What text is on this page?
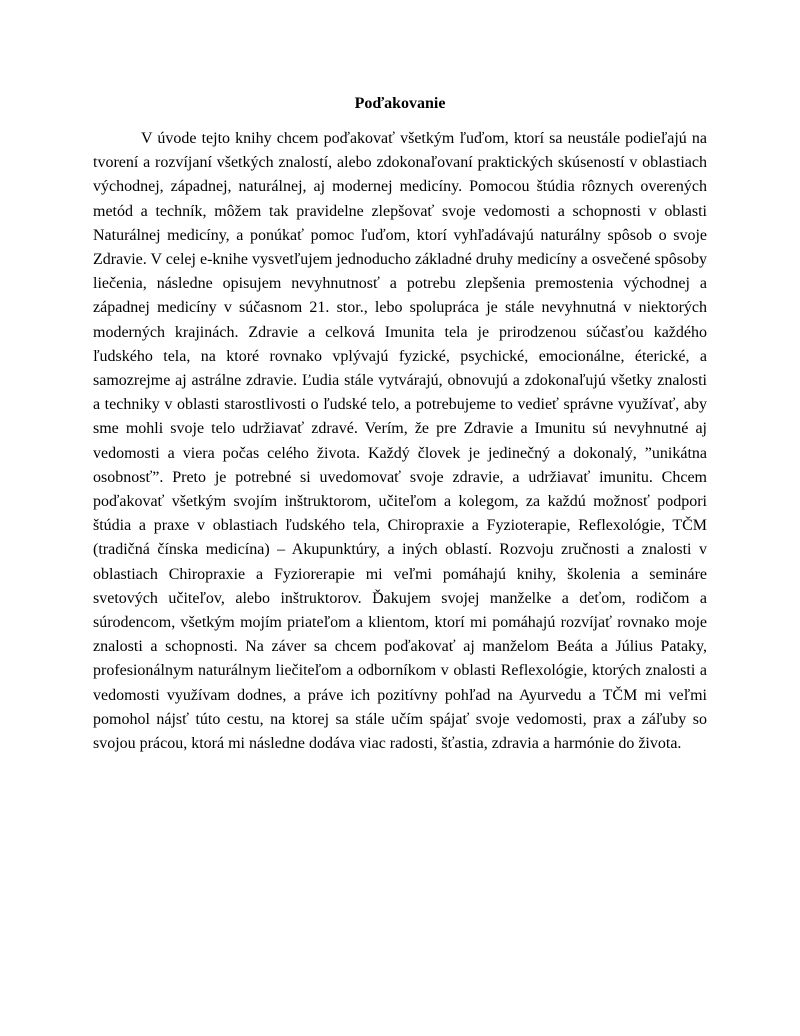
Poďakovanie

V úvode tejto knihy chcem poďakovať všetkým ľuďom, ktorí sa neustále podieľajú na tvorení a rozvíjaní všetkých znalostí, alebo zdokonaľovaní praktických skúseností v oblastiach východnej, západnej, naturálnej, aj modernej medicíny. Pomocou štúdia rôznych overených metód a techník, môžem tak pravidelne zlepšovať svoje vedomosti a schopnosti v oblasti Naturálnej medicíny, a ponúkať pomoc ľuďom, ktorí vyhľadávajú naturálny spôsob o svoje Zdravie. V celej e-knihe vysvetľujem jednoducho základné druhy medicíny a osvečené spôsoby liečenia, následne opisujem nevyhnutnosť a potrebu zlepšenia premostenia východnej a západnej medicíny v súčasnom 21. stor., lebo spolupráca je stále nevyhnutná v niektorých moderných krajinách. Zdravie a celková Imunita tela je prirodzenou súčasťou každého ľudského tela, na ktoré rovnako vplývajú fyzické, psychické, emocionálne, éterické, a samozrejme aj astrálne zdravie. Ľudia stále vytvárajú, obnovujú a zdokonaľujú všetky znalosti a techniky v oblasti starostlivosti o ľudské telo, a potrebujeme to vedieť správne využívať, aby sme mohli svoje telo udržiavať zdravé. Verím, že pre Zdravie a Imunitu sú nevyhnutné aj vedomosti a viera počas celého života. Každý človek je jedinečný a dokonalý, ”unikátna osobnosť”. Preto je potrebné si uvedomovať svoje zdravie, a udržiavať imunitu. Chcem poďakovať všetkým svojím inštruktorom, učiteľom a kolegom, za každú možnosť podpori štúdia a praxe v oblastiach ľudského tela, Chiropraxie a Fyzioterapie, Reflexológie, TČM (tradičná čínska medicína) – Akupunktúry, a iných oblastí. Rozvoju zručnosti a znalosti v oblastiach Chiropraxie a Fyziorerapie mi veľmi pomáhajú knihy, školenia a semináre svetových učiteľov, alebo inštruktorov. Ďakujem svojej manželke a deťom, rodičom a súrodencom, všetkým mojím priateľom a klientom, ktorí mi pomáhajú rozvíjať rovnako moje znalosti a schopnosti. Na záver sa chcem poďakovať aj manželom Beáta a Július Pataky, profesionálnym naturálnym liečiteľom a odborníkom v oblasti Reflexológie, ktorých znalosti a vedomosti využívam dodnes, a práve ich pozitívny pohľad na Ayurvedu a TČM mi veľmi pomohol nájsť túto cestu, na ktorej sa stále učím spájať svoje vedomosti, prax a záľuby so svojou prácou, ktorá mi následne dodáva viac radosti, šťastia, zdravia a harmónie do života.
